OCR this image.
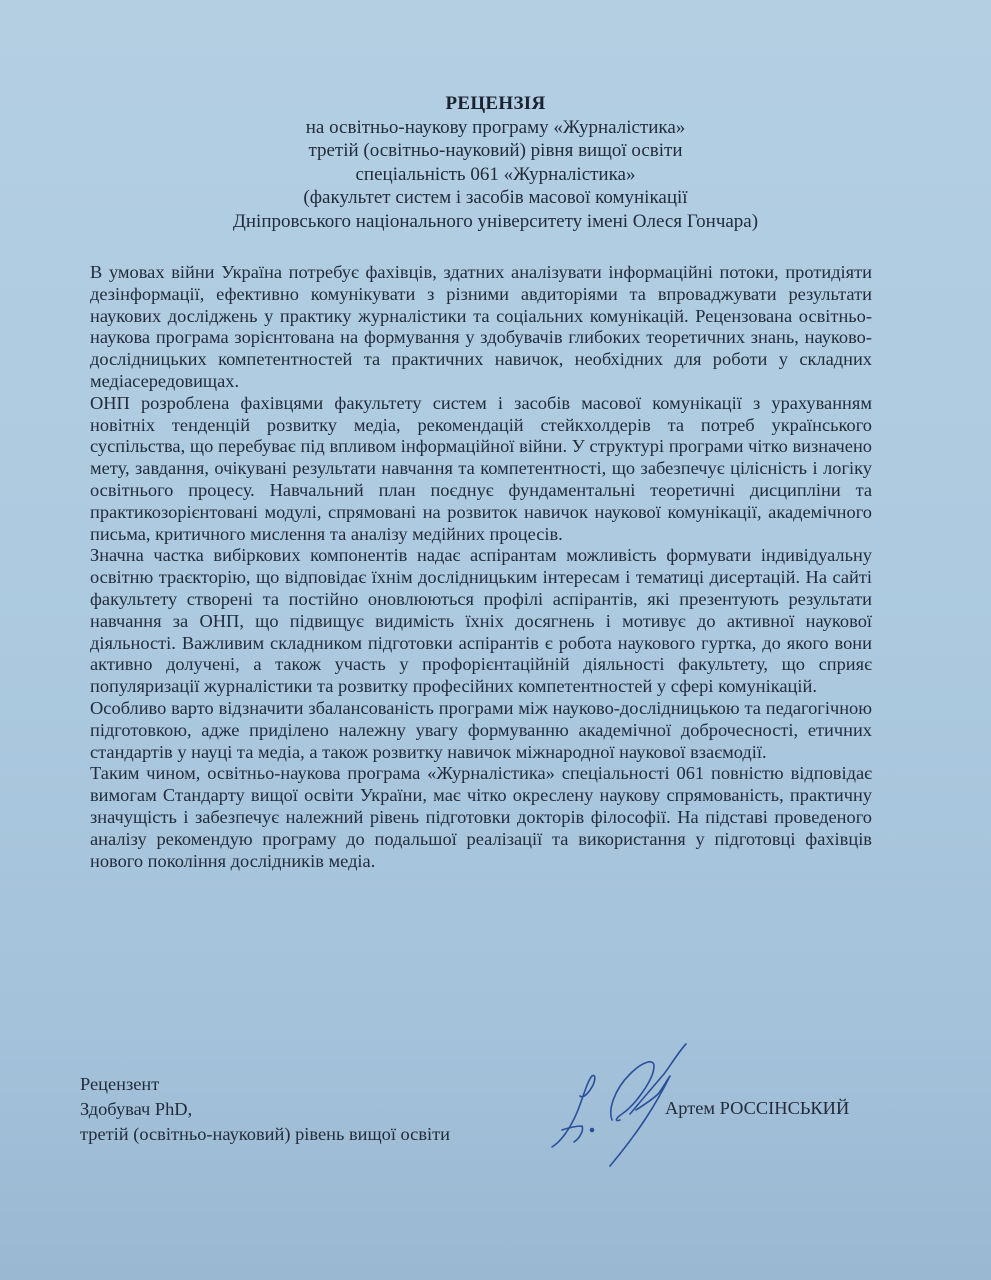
РЕЦЕНЗІЯ
на освітньо-наукову програму «Журналістика»
третій (освітньо-науковий) рівня вищої освіти
спеціальність 061 «Журналістика»
(факультет систем і засобів масової комунікації
Дніпровського національного університету імені Олеся Гончара)

В умовах війни Україна потребує фахівців, здатних аналізувати інформаційні потоки, протидіяти дезінформації, ефективно комунікувати з різними авдиторіями та впроваджувати результати наукових досліджень у практику журналістики та соціальних комунікацій. Рецензована освітньо-наукова програма зорієнтована на формування у здобувачів глибоких теоретичних знань, науково-дослідницьких компетентностей та практичних навичок, необхідних для роботи у складних медіасередовищах.

ОНП розроблена фахівцями факультету систем і засобів масової комунікації з урахуванням новітніх тенденцій розвитку медіа, рекомендацій стейкхолдерів та потреб українського суспільства, що перебуває під впливом інформаційної війни. У структурі програми чітко визначено мету, завдання, очікувані результати навчання та компетентності, що забезпечує цілісність і логіку освітнього процесу. Навчальний план поєднує фундаментальні теоретичні дисципліни та практикозорієнтовані модулі, спрямовані на розвиток навичок наукової комунікації, академічного письма, критичного мислення та аналізу медійних процесів.

Значна частка вибіркових компонентів надає аспірантам можливість формувати індивідуальну освітню траєкторію, що відповідає їхнім дослідницьким інтересам і тематиці дисертацій. На сайті факультету створені та постійно оновлюються профілі аспірантів, які презентують результати навчання за ОНП, що підвищує видимість їхніх досягнень і мотивує до активної наукової діяльності. Важливим складником підготовки аспірантів є робота наукового гуртка, до якого вони активно долучені, а також участь у профорієнтаційній діяльності факультету, що сприяє популяризації журналістики та розвитку професійних компетентностей у сфері комунікацій.

Особливо варто відзначити збалансованість програми між науково-дослідницькою та педагогічною підготовкою, адже приділено належну увагу формуванню академічної доброчесності, етичних стандартів у науці та медіа, а також розвитку навичок міжнародної наукової взаємодії.

Таким чином, освітньо-наукова програма «Журналістика» спеціальності 061 повністю відповідає вимогам Стандарту вищої освіти України, має чітко окреслену наукову спрямованість, практичну значущість і забезпечує належний рівень підготовки докторів філософії. На підставі проведеного аналізу рекомендую програму до подальшої реалізації та використання у підготовці фахівців нового покоління дослідників медіа.

Рецензент
Здобувач PhD,
третій (освітньо-науковий) рівень вищої освіти
Артем РОССІНСЬКИЙ
